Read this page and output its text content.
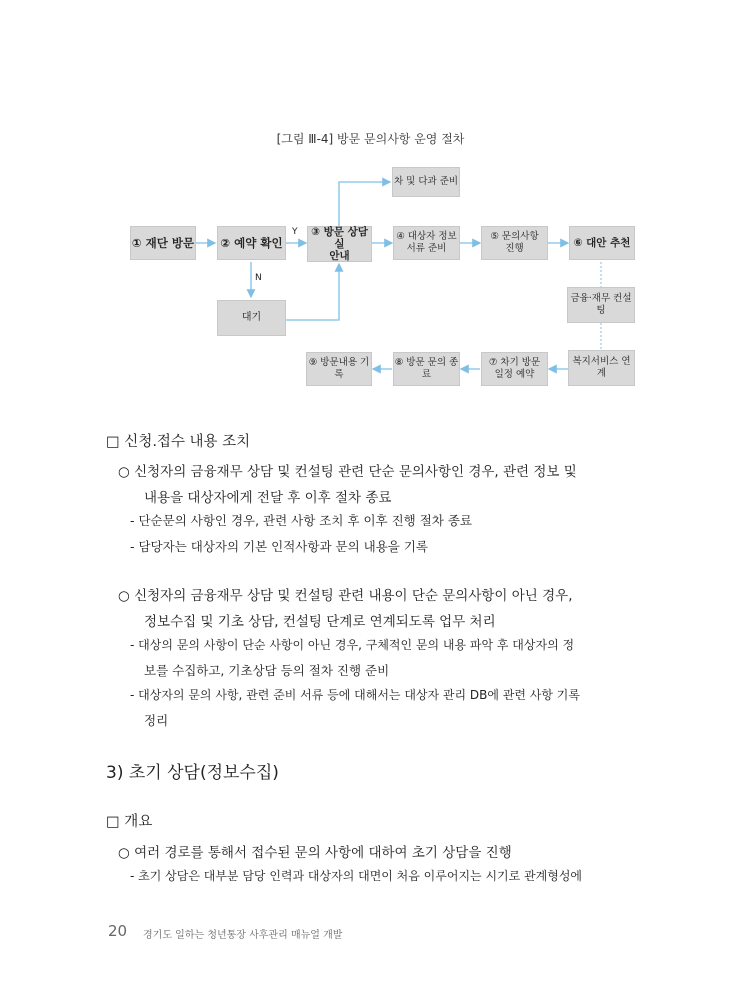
[그림 Ⅲ-4] 방문 문의사항 운영 절차
차 및 다과 준비
① 재단 방문 ② 예약 확인
③ 방문 상담실
안내
④ 대상자 정보
서류 준비
⑤ 문의사항
진행	⑥ 대안 추천
대기
금융·재무 컨설팅
복지서비스 연계
⑦ 차기 방문
일정 예약
⑧ 방문 문의 종료
⑨ 방문내용 기록
Y
N
□ 신청.접수 내용 조치
○ 신청자의 금융재무 상담 및 컨설팅 관련 단순 문의사항인 경우, 관련 정보 및
내용을 대상자에게 전달 후 이후 절차 종료
- 단순문의 사항인 경우, 관련 사항 조치 후 이후 진행 절차 종료
- 담당자는 대상자의 기본 인적사항과 문의 내용을 기록
○ 신청자의 금융재무 상담 및 컨설팅 관련 내용이 단순 문의사항이 아닌 경우,
정보수집 및 기초 상담, 컨설팅 단계로 연계되도록 업무 처리
- 대상의 문의 사항이 단순 사항이 아닌 경우, 구체적인 문의 내용 파악 후 대상자의 정
보를 수집하고, 기초상담 등의 절차 진행 준비
- 대상자의 문의 사항, 관련 준비 서류 등에 대해서는 대상자 관리 DB에 관련 사항 기록
정리
3) 초기 상담(정보수집)
□ 개요
○ 여러 경로를 통해서 접수된 문의 사항에 대하여 초기 상담을 진행
- 초기 상담은 대부분 담당 인력과 대상자의 대면이 처음 이루어지는 시기로 관계형성에
20 경기도 일하는 청년통장 사후관리 매뉴얼 개발
